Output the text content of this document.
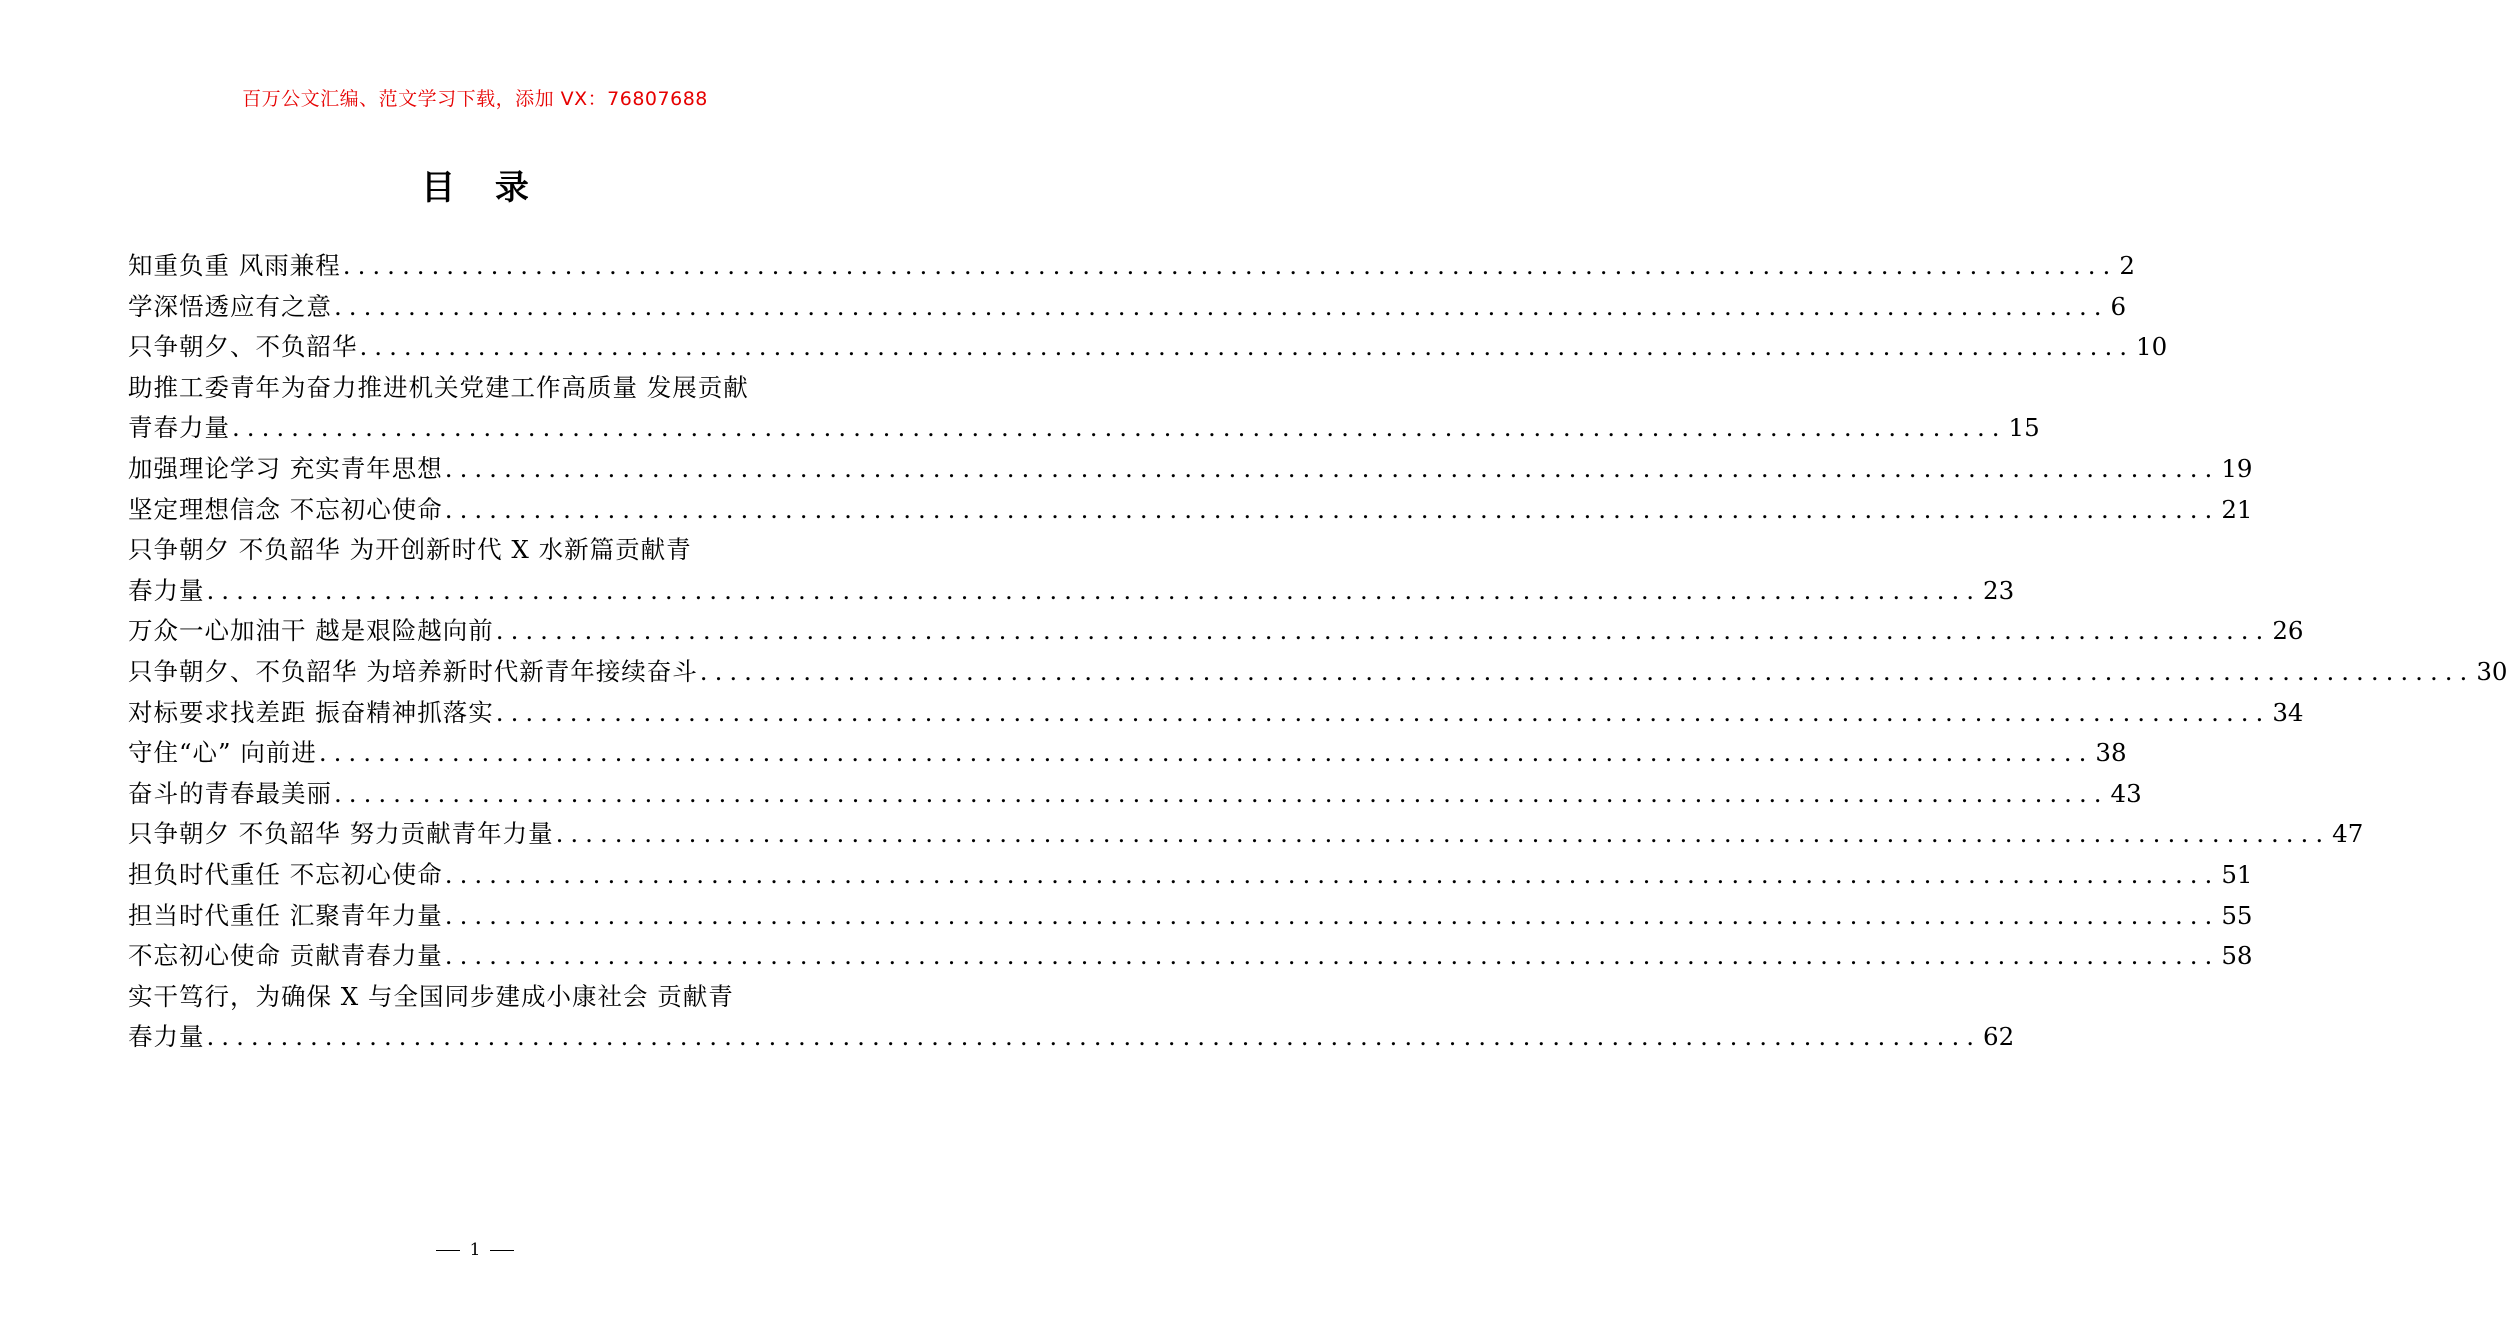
百万公文汇编、范文学习下载，添加 VX：76807688
目 录
知重负重 风雨兼程 ........................................................................................................................ 2
学深悟透应有之意 ........................................................................................................................ 6
只争朝夕、不负韶华 ........................................................................................................................ 10
助推工委青年为奋力推进机关党建工作高质量 发展贡献
青春力量 ........................................................................................................................ 15
加强理论学习 充实青年思想 ........................................................................................................................ 19
坚定理想信念 不忘初心使命 ........................................................................................................................ 21
只争朝夕 不负韶华 为开创新时代 X 水新篇贡献青
春力量 ........................................................................................................................ 23
万众一心加油干 越是艰险越向前 ........................................................................................................................ 26
只争朝夕、不负韶华 为培养新时代新青年接续奋斗 ........................................................................................................................ 30
对标要求找差距 振奋精神抓落实 ........................................................................................................................ 34
守住“心” 向前进 ........................................................................................................................ 38
奋斗的青春最美丽 ........................................................................................................................ 43
只争朝夕 不负韶华 努力贡献青年力量 ........................................................................................................................ 47
担负时代重任 不忘初心使命 ........................................................................................................................ 51
担当时代重任 汇聚青年力量 ........................................................................................................................ 55
不忘初心使命 贡献青春力量 ........................................................................................................................ 58
实干笃行，为确保 X 与全国同步建成小康社会 贡献青
春力量 ........................................................................................................................ 62
1
